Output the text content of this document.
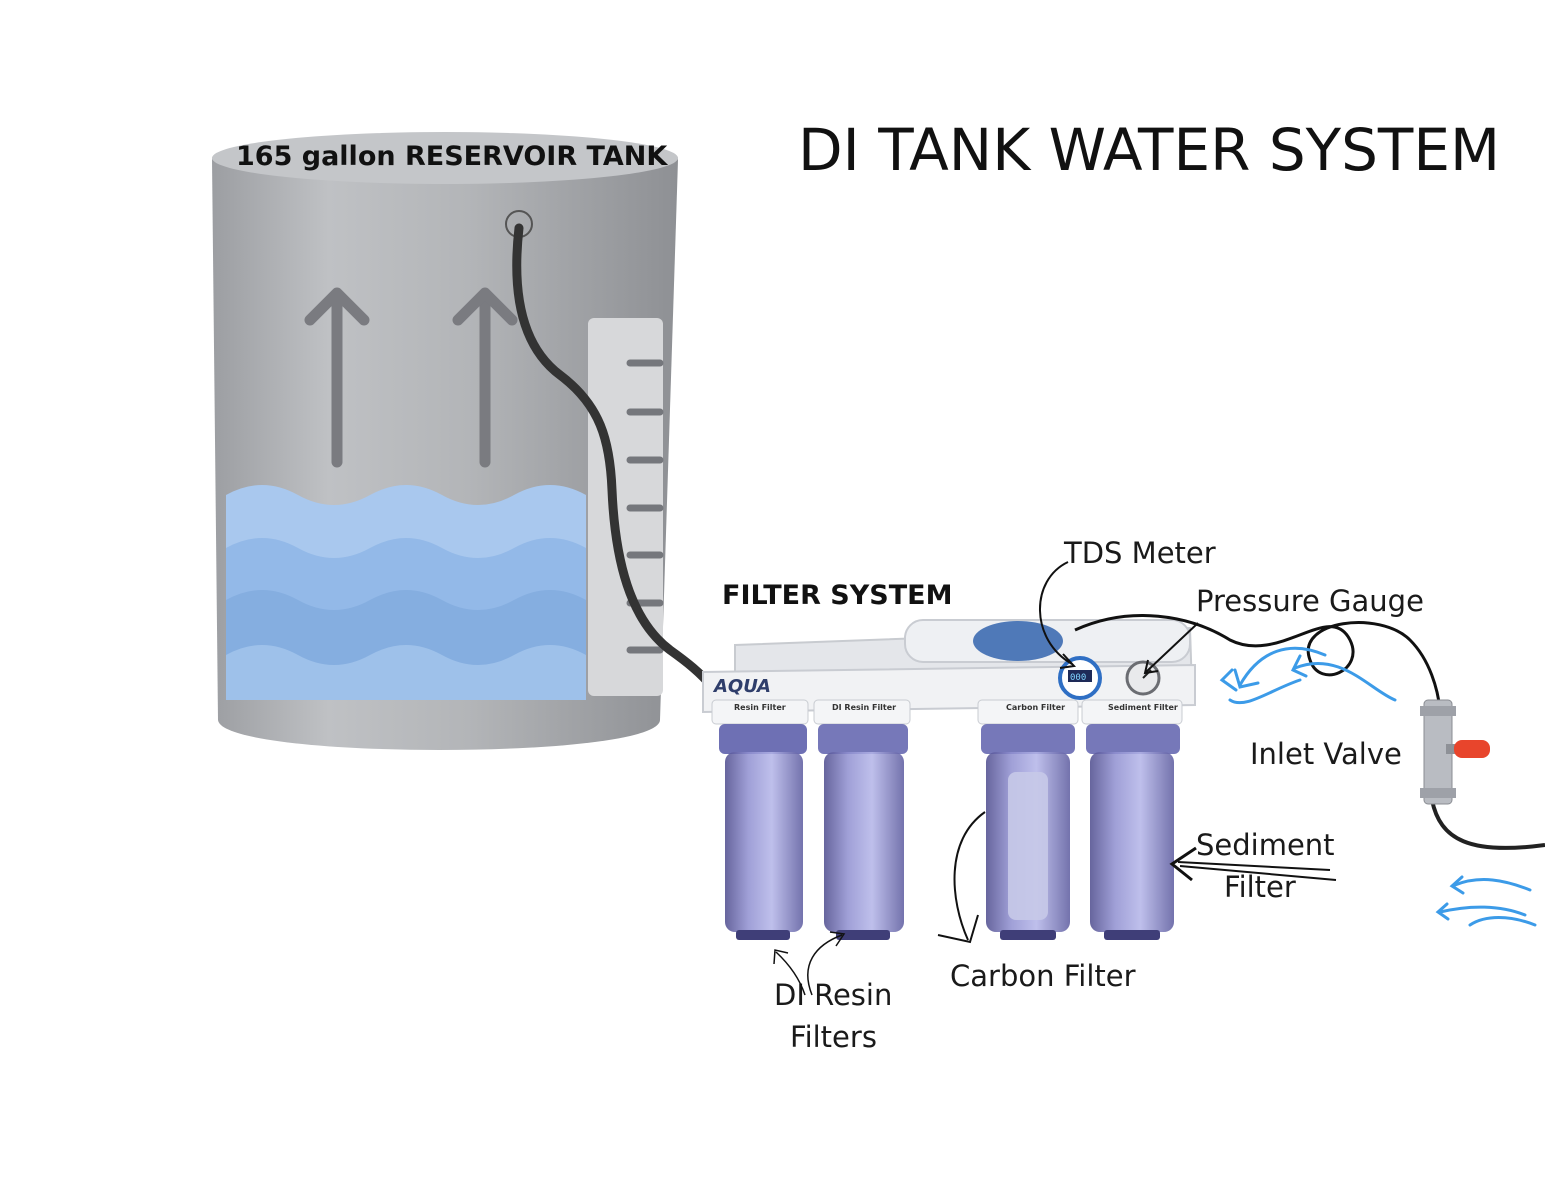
DI TANK WATER SYSTEM
165 gallon RESERVOIR TANK
FILTER SYSTEM
AQUA
Resin Filter	DI Resin Filter	Carbon Filter	Sediment Filter
000
TDS Meter
Pressure Gauge
Inlet Valve
Sediment
Filter
Carbon Filter
DI Resin
Filters
